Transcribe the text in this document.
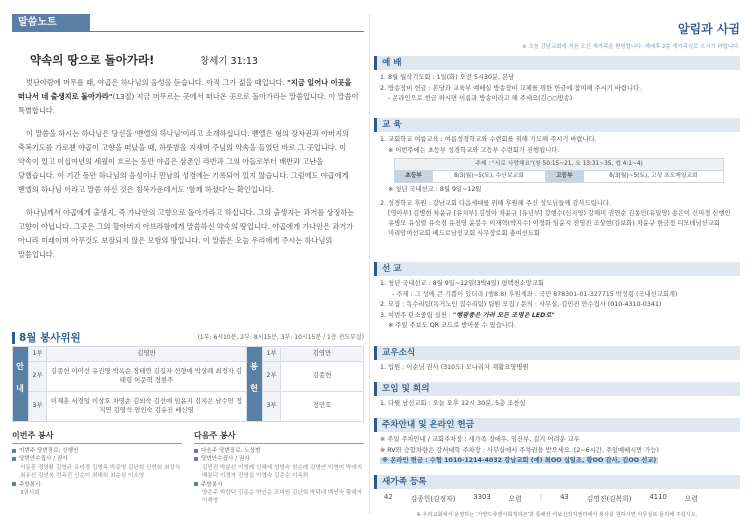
말씀노트
약속의 땅으로 돌아가라!	창세기 31:13

벗단아람에 머무를 때, 야곱은 하나님의 음성을 듣습니다. 아직 그가 젊을 때입니다. "지금 일어나 이곳을 떠나서 네 출생지로 돌아가라"(13절) 지금 머무르는 곳에서 떠나온 곳으로 돌아가라는 말씀입니다. 이 말씀이 특별합니다.

이 말씀을 하시는 하나님은 당신을 '벧엘의 하나님'이라고 소개하십니다. 벧엘은 형의 장자권과 아버지의 축복기도를 가로챈 야곱이 고향을 떠났을 때, 하룻밤을 지새며 주님의 약속을 들었던 바로 그 곳입니다. 이 약속이 있고 이십여년의 세월이 흐르는 동안 야곱은 삼촌인 라반과 그의 아들로부터 배반과 고난을 당했습니다. 이 기간 동안 하나님의 음성이나 만남의 성경에는 기록되어 있지 않습니다. 그럼에도 야곱에게 벧엘의 하나님 이라고 말씀 하신 것은 침묵가운데서도 '함께 하셨다'는 확인입니다.

하나님께서 야곱에게 출생지, 즉 가나안의 고향으로 돌아가라고 하십니다. 그의 출생지는 과거를 상징하는 고향이 아닙니다. 그곳은 그의 할아버지 아브라함에게 말씀하신 약속의 땅입니다. 야곱에게 가나안은 과거가 아니라 미래이며 아무것도 보장되지 않은 모험의 땅입니다. 이 말씀은 오늘 우리에게 주시는 하나님의 말씀입니다.

8월 봉사위원	(1부: 6시10분, 2부: 8시15분, 3부: 10시15분 / 1층 전도부실)
안내	1부	김영만	봉헌	1부	김영만
	2부	김종헌 이미선 유진영 박옥순 장태연 김길자 신형애 박상례 최경자 김태령 이문혁 정현주		2부	김종헌
	3부	이재훈 서경일 이상호 차명순 김외숙 김선애 임윤지 김지은 남수민 정지연 김영석 엄인숙 김유진 배신영		3부	정민호
이번주 봉사
이번주 당번장로: 신행인
당번안수집사 / 권사
서동훈 정영환 김영규 유미경 김명옥 박종명 김난희 신현희 최상식 최유선 김연욱 전옥진 신순이 최대희 최순심 이소영
주방봉사
3권사회
다음주 봉사
다음주 당번장로: 노상범
당번안수집사 / 권사
김민진 박분선 이정례 신혜애 성명숙 원순례 김명연 이영미 박애지 배봉덕 이경자 전영실 이영숙 김준순 이옥희
주방봉사
양은주 박량덕 김종순 변인순 조미원 김난희 박덕내 백인숙 황혜자 이해영
알림과 사귐
※ 오늘 강남교회에 처음 오신 새가족을 환영합니다. 예배후 2층 새가족실로 오시기 바랍니다.
예 배
1. 8월 월삭기도회 : 1일(화) 오전 5시30분, 본당
2. 방송장비 헌금 : 본당과 교육부 예배실 방송장비 교체를 위한 헌금에 참여해 주시기 바랍니다.
- 온라인으로 헌금 하시면 이름과 방송이라고 해 주세요(김○○방송)
교 육
1. 교회학교 여름교육 : 여름성경학교와 수련회를 위해 기도해 주시기 바랍니다.
※ 이번주에는 초등부 성경학교와 고등부 수련회가 진행됩니다.
주제 : "서로 사랑해요"(창 50:15~21, 요 13:31~35, 엡 4:1~4)
초등부	8/3(월)~5(토), 수안보교회	고등부	8/3(월)~5(토), 고성 초도제일교회
※ 청년 국내선교 : 8월 9일~12일
2. 성경학교 후원 : 강남교회 다음세대를 위해 후원해 주신 성도님들께 감사드립니다.
[영아부] 김병현 차윤규 [유치부] 김성아 차윤규 [유년부] 강행수(신지영) 강해미 권연순 김동민(유일영) 송은이 신미경 신행인 유병모 유성렬 유숙경 유진영 윤봉수 이재혁(박지수) 이정화 임윤지 전영진 조상현(김보화) 차윤규 한금정 디모데남선교회 미리암여선교회 베드로남선교회 사무장로회 충여선도회
선 교
1. 청년 국내선교 : 8월 9일~12일(3박4일) 평택천소망교회
- 주제 : 그 성에 큰 기쁨이 있더라 (행8:8) 후원계좌 : 국민 878301-01-327715 박성령 (국내선교회계)
2. 모집 : 독수리팀(독거노인 집수리팀) 팀원 모집 / 문의 : 사무실, 김민진 안수집사 (010-4310-0341)
3. 이번주 탄소중립 실천 : "행광종은 가려 모든 조명은 LED로"
※ 주일 주보도 QR 코드로 받아볼 수 있습니다.
교우소식
1. 입원 : 이순님 권사 (310도) 모나리자 재활요양병원
모임 및 회의
1. 다윗 남선교회 : 오늘 오후 12시 30분, 5층 조찬실
주차안내 및 온라인 헌금
※ 주일 주차안내 / 교회주차장 : 새가족 장애우, 임산부, 걸기 어려운 교우
※ RV와 승합차량은 강서대학 주차장 : 사무실에서 주차권을 받으세요. (2~6시간, 주일예배시만 가능)
※ 온라인 헌금 : 수협 1010-1214-4032 강남교회 (예) 최OO 십일조, 황OO 감사, 김OO 선교)
새가족 등록
42	김종헌(김정자)	3303	오렴	|	43	김명진(김복희)	4110	오렴
※ 우리교회에서 운영하는 '가양드류앤사회적리굔'과 통해선 여보신적지센터에서 봉사를 원하시면 사무실로 문의해 주십시오.
